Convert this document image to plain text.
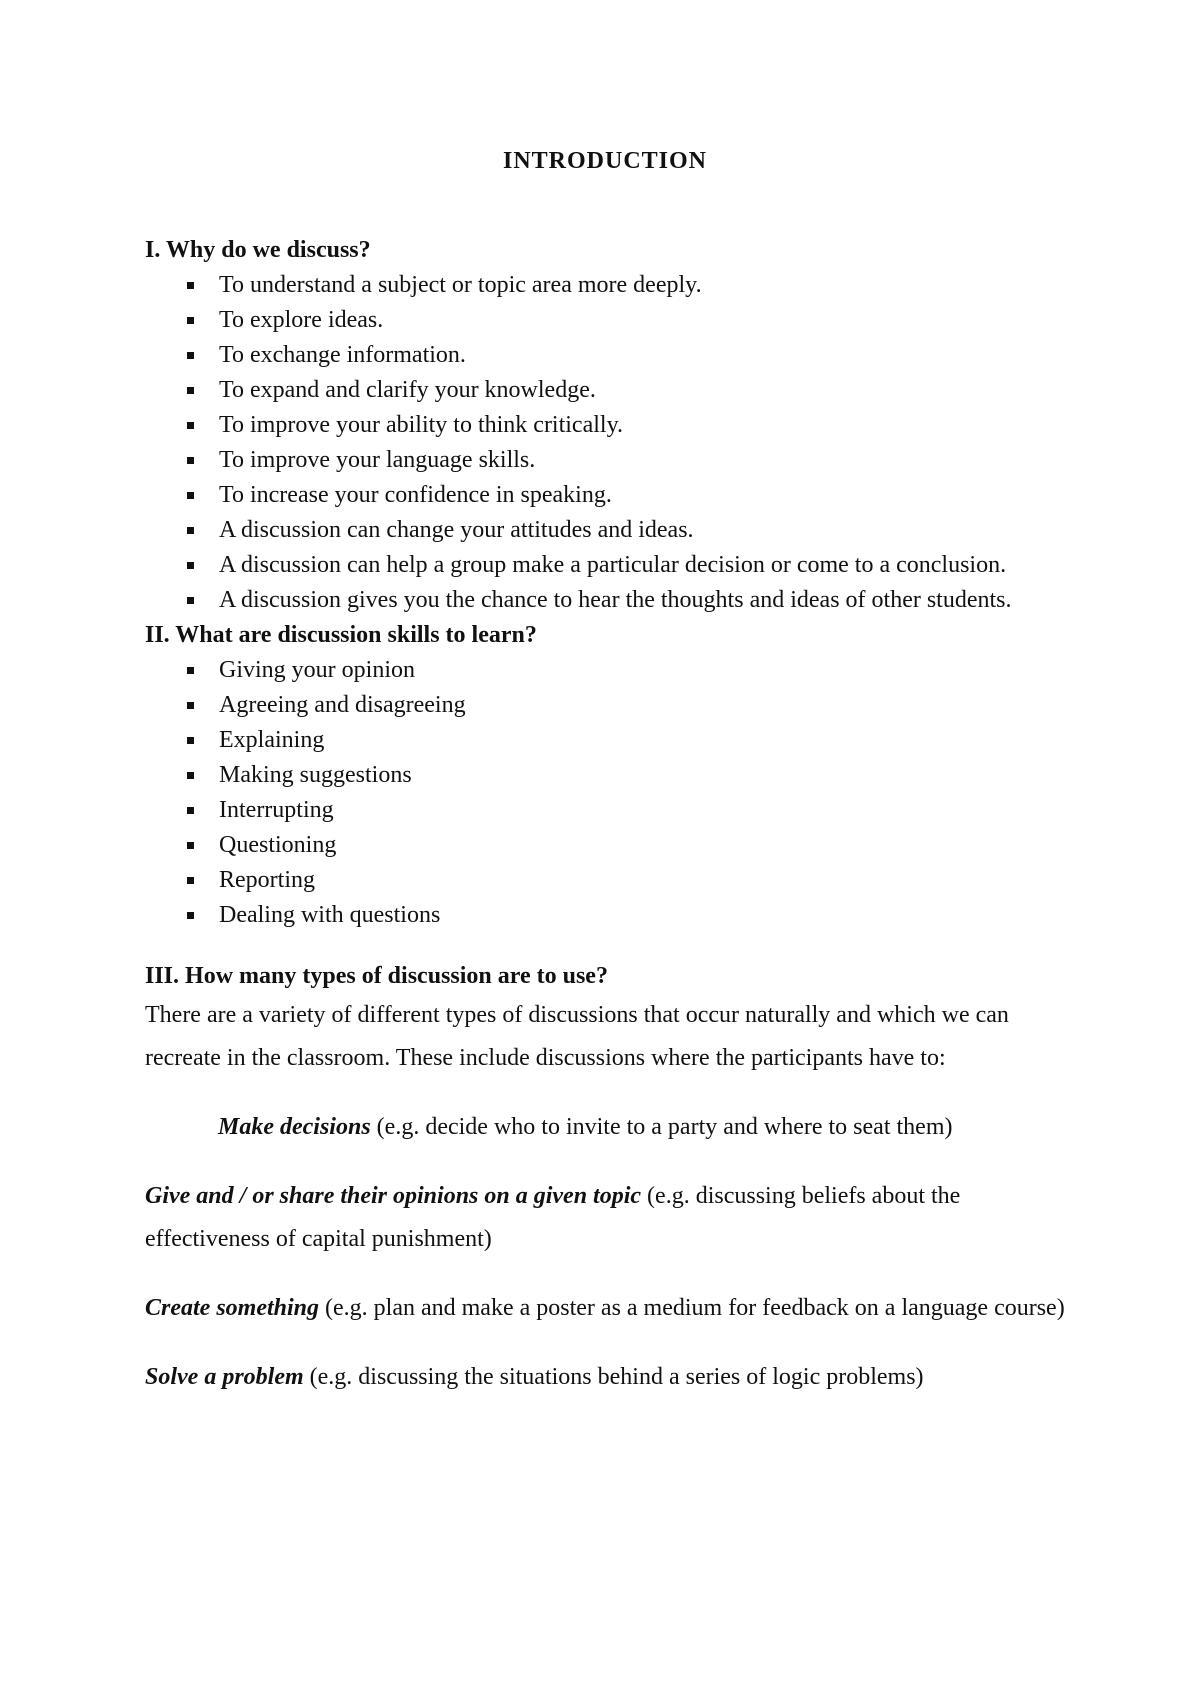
INTRODUCTION
I. Why do we discuss?
To understand a subject or topic area more deeply.
To explore ideas.
To exchange information.
To expand and clarify your knowledge.
To improve your ability to think critically.
To improve your language skills.
To increase your confidence in speaking.
A discussion can change your attitudes and ideas.
A discussion can help a group make a particular decision or come to a conclusion.
A discussion gives you the chance to hear the thoughts and ideas of other students.
II. What are discussion skills to learn?
Giving your opinion
Agreeing and disagreeing
Explaining
Making suggestions
Interrupting
Questioning
Reporting
Dealing with questions
III. How many types of discussion are to use?

There are a variety of different types of discussions that occur naturally and which we can recreate in the classroom. These include discussions where the participants have to:

Make decisions (e.g. decide who to invite to a party and where to seat them)

Give and / or share their opinions on a given topic (e.g. discussing beliefs about the effectiveness of capital punishment)

Create something (e.g. plan and make a poster as a medium for feedback on a language course)

Solve a problem (e.g. discussing the situations behind a series of logic problems)
